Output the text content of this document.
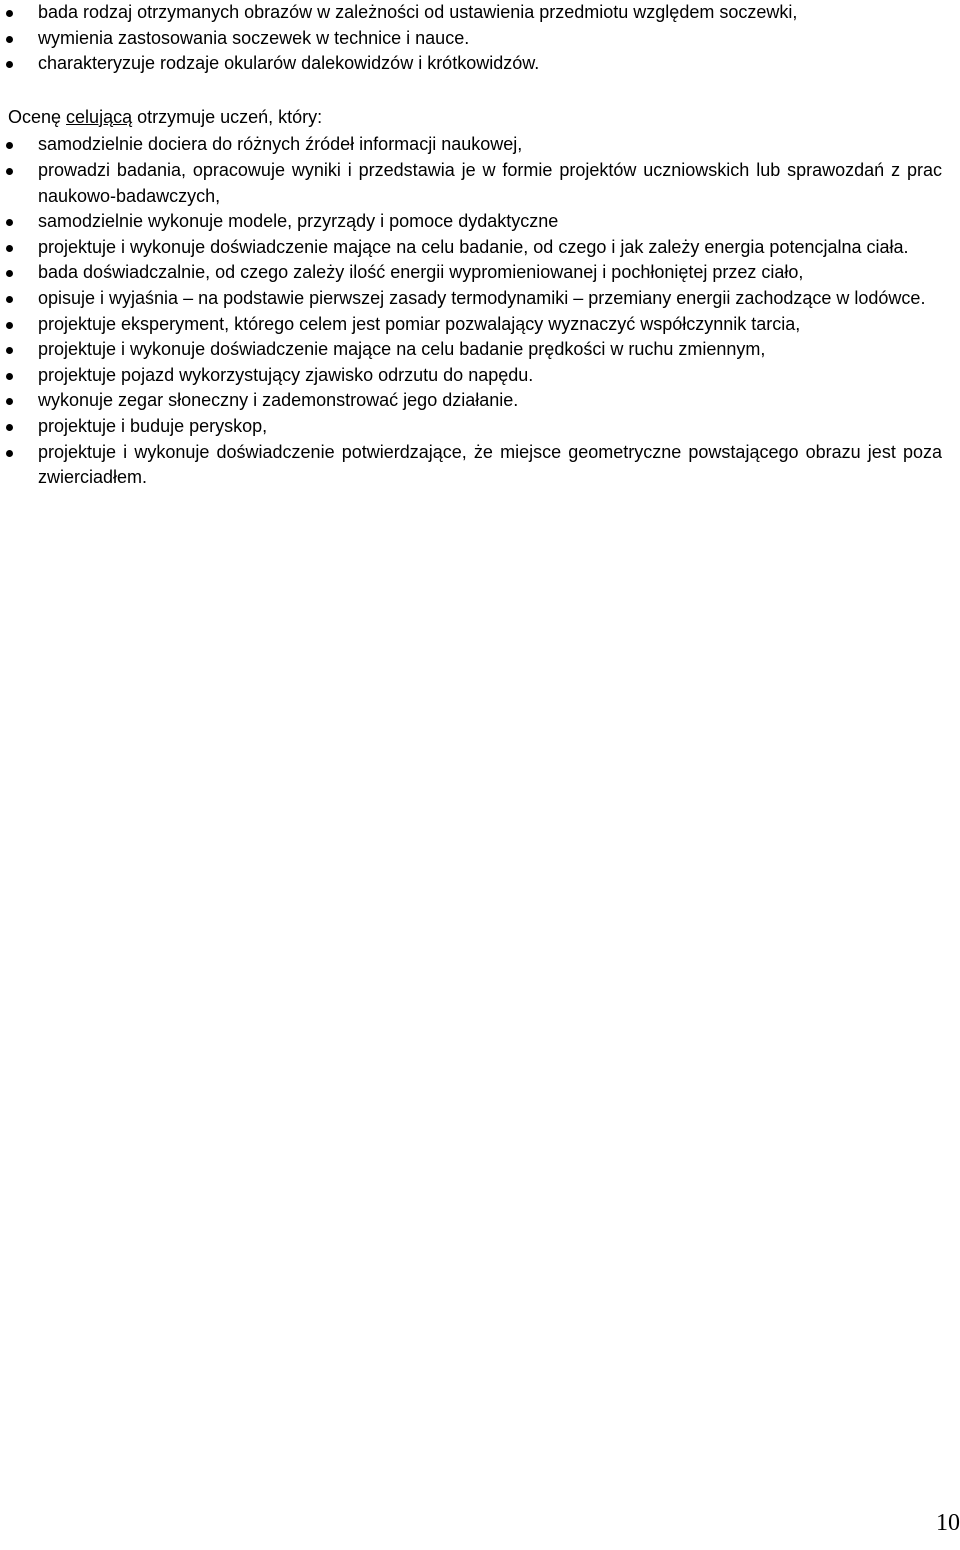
bada rodzaj otrzymanych obrazów w zależności od ustawienia przedmiotu względem soczewki,
wymienia zastosowania soczewek w technice i nauce.
charakteryzuje rodzaje okularów dalekowidzów i krótkowidzów.

Ocenę celującą otrzymuje uczeń, który:

samodzielnie dociera do różnych źródeł informacji naukowej,
prowadzi badania, opracowuje wyniki i przedstawia je w formie projektów uczniowskich lub sprawozdań z prac naukowo-badawczych,
samodzielnie wykonuje modele, przyrządy i pomoce dydaktyczne
projektuje i wykonuje doświadczenie mające na celu badanie, od czego i jak zależy energia potencjalna ciała.
bada doświadczalnie, od czego zależy ilość energii wypromieniowanej i pochłoniętej przez ciało,
opisuje i wyjaśnia – na podstawie pierwszej zasady termodynamiki – przemiany energii zachodzące w lodówce.
projektuje eksperyment, którego celem jest pomiar pozwalający wyznaczyć współczynnik tarcia,
projektuje i wykonuje doświadczenie mające na celu badanie prędkości w ruchu zmiennym,
projektuje pojazd wykorzystujący zjawisko odrzutu do napędu.
wykonuje zegar słoneczny i zademonstrować jego działanie.
projektuje i buduje peryskop,
projektuje i wykonuje doświadczenie potwierdzające, że miejsce geometryczne powstającego obrazu jest poza zwierciadłem.
10
